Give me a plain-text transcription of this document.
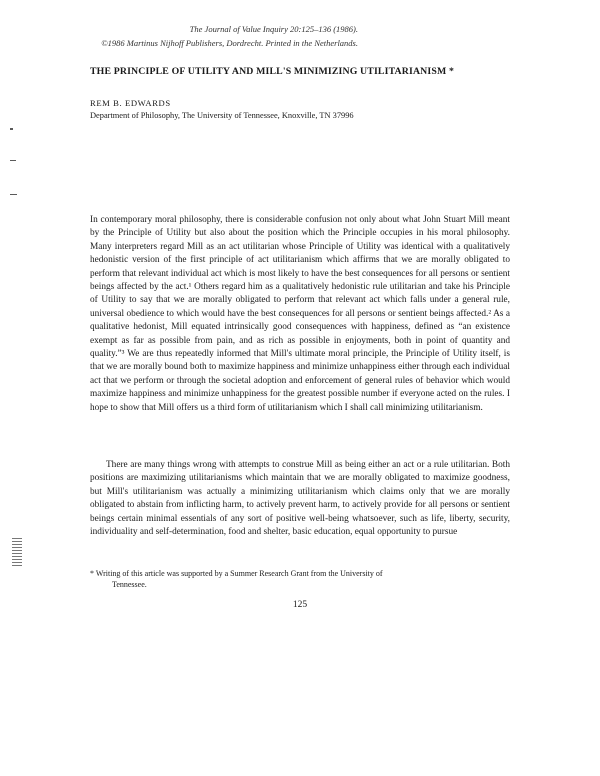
The Journal of Value Inquiry 20:125–136 (1986).
©1986 Martinus Nijhoff Publishers, Dordrecht. Printed in the Netherlands.
THE PRINCIPLE OF UTILITY AND MILL'S MINIMIZING UTILITARIANISM *
REM B. EDWARDS
Department of Philosophy, The University of Tennessee, Knoxville, TN 37996

In contemporary moral philosophy, there is considerable confusion not only about what John Stuart Mill meant by the Principle of Utility but also about the position which the Principle occupies in his moral philosophy. Many interpreters regard Mill as an act utilitarian whose Principle of Utility was identical with a qualitatively hedonistic version of the first principle of act utilitarianism which affirms that we are morally obligated to perform that relevant individual act which is most likely to have the best consequences for all persons or sentient beings affected by the act.¹ Others regard him as a qualitatively hedonistic rule utilitarian and take his Principle of Utility to say that we are morally obligated to perform that relevant act which falls under a general rule, universal obedience to which would have the best consequences for all persons or sentient beings affected.² As a qualitative hedonist, Mill equated intrinsically good consequences with happiness, defined as “an existence exempt as far as possible from pain, and as rich as possible in enjoyments, both in point of quantity and quality.”³ We are thus repeatedly informed that Mill's ultimate moral principle, the Principle of Utility itself, is that we are morally bound both to maximize happiness and minimize unhappiness either through each individual act that we perform or through the societal adoption and enforcement of general rules of behavior which would maximize happiness and minimize unhappiness for the greatest possible number if everyone acted on the rules. I hope to show that Mill offers us a third form of utilitarianism which I shall call minimizing utilitarianism.

There are many things wrong with attempts to construe Mill as being either an act or a rule utilitarian. Both positions are maximizing utilitarianisms which maintain that we are morally obligated to maximize goodness, but Mill's utilitarianism was actually a minimizing utilitarianism which claims only that we are morally obligated to abstain from inflicting harm, to actively prevent harm, to actively provide for all persons or sentient beings certain minimal essentials of any sort of positive well-being whatsoever, such as life, liberty, security, individuality and self-determination, food and shelter, basic education, equal opportunity to pursue

* Writing of this article was supported by a Summer Research Grant from the University of
Tennessee.
125
